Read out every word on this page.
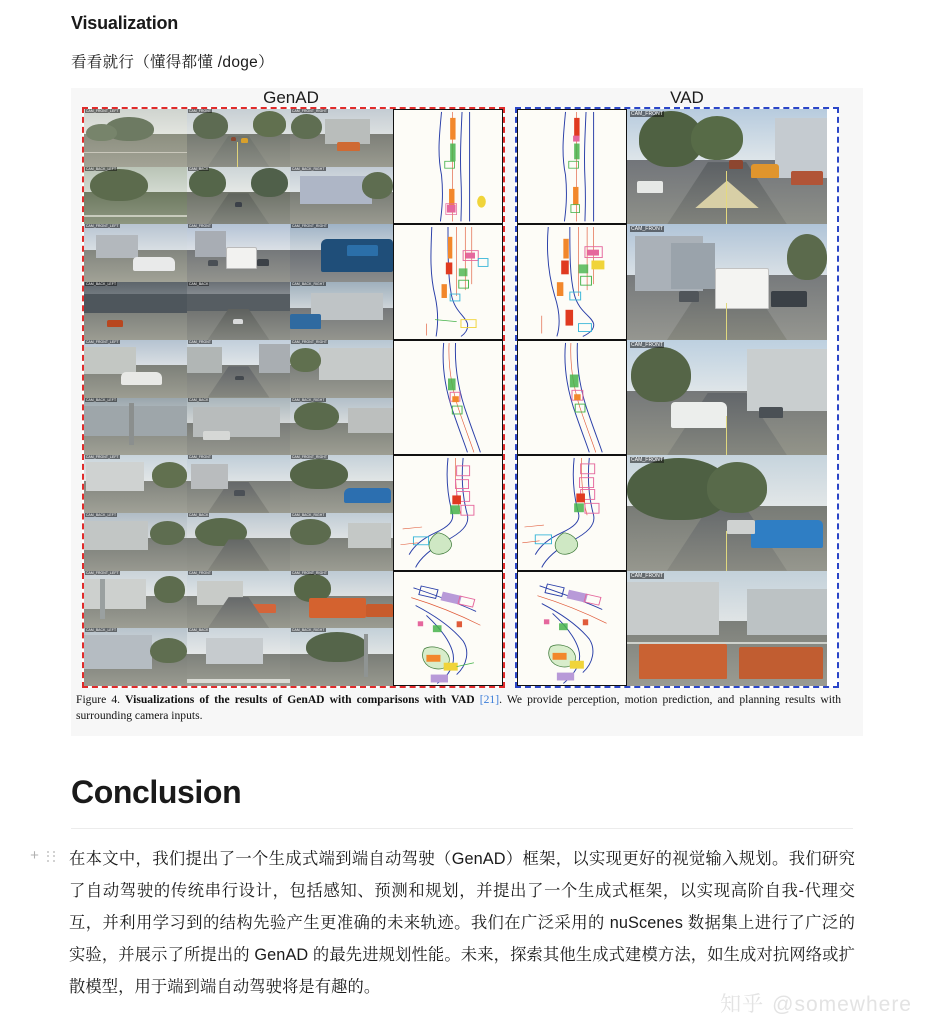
Visualization
看看就行（懂得都懂 /doge）
GenAD	VAD
CAM_FRONT_LEFT	CAM_FRONT	CAM_FRONT_RIGHT
CAM_BACK_LEFT	CAM_BACK	CAM_BACK_RIGHT
CAM_FRONT_LEFT	CAM_FRONT	CAM_FRONT_RIGHT
CAM_BACK_LEFT	CAM_BACK	CAM_BACK_RIGHT
CAM_FRONT_LEFT	CAM_FRONT	CAM_FRONT_RIGHT
CAM_BACK_LEFT	CAM_BACK	CAM_BACK_RIGHT
CAM_FRONT_LEFT	CAM_FRONT	CAM_FRONT_RIGHT
CAM_BACK_LEFT	CAM_BACK	CAM_BACK_RIGHT
CAM_FRONT_LEFT	CAM_FRONT	CAM_FRONT_RIGHT
CAM_BACK_LEFT	CAM_BACK	CAM_BACK_RIGHT
CAM_FRONT
CAM_FRONT
CAM_FRONT
CAM_FRONT
CAM_FRONT
Figure 4. Visualizations of the results of GenAD with comparisons with VAD [21]. We provide perception, motion prediction, and planning results with surrounding camera inputs.
Conclusion
+ 在本文中，我们提出了一个生成式端到端自动驾驶（GenAD）框架，以实现更好的视觉输入规划。我们研究了自动驾驶的传统串行设计，包括感知、预测和规划，并提出了一个生成式框架，以实现高阶自我-代理交互，并利用学习到的结构先验产生更准确的未来轨迹。我们在广泛采用的 nuScenes 数据集上进行了广泛的实验，并展示了所提出的 GenAD 的最先进规划性能。未来，探索其他生成式建模方法，如生成对抗网络或扩散模型，用于端到端自动驾驶将是有趣的。
知乎 @somewhere
